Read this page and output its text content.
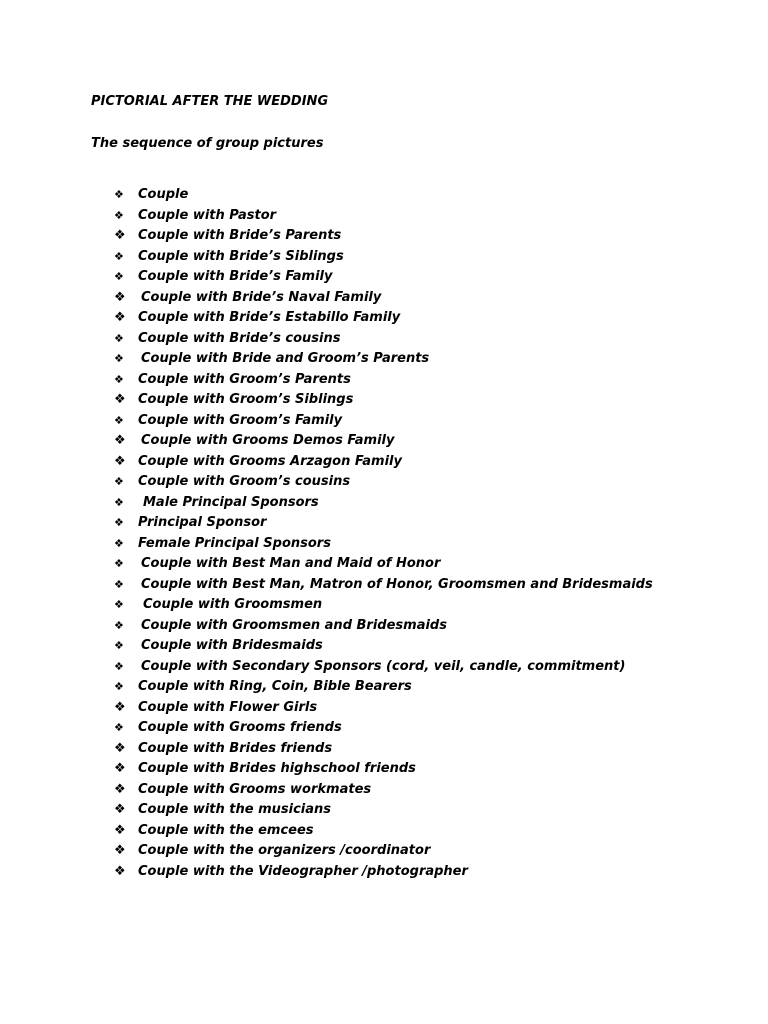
PICTORIAL AFTER THE WEDDING
The sequence of group pictures
❖	Couple
❖	Couple with Pastor
❖ Couple with Bride’s Parents
❖	Couple with Bride’s Siblings
❖	Couple with Bride’s Family
❖	Couple with Bride’s Naval Family
❖ Couple with Bride’s Estabillo Family
❖	Couple with Bride’s cousins
❖	Couple with Bride and Groom’s Parents
❖	Couple with Groom’s Parents
❖ Couple with Groom’s Siblings
❖	Couple with Groom’s Family
❖	Couple with Grooms Demos Family
❖ Couple with Grooms Arzagon Family
❖	Couple with Groom’s cousins
❖	Male Principal Sponsors
❖	Principal Sponsor
❖	Female Principal Sponsors
❖	Couple with Best Man and Maid of Honor
❖	Couple with Best Man, Matron of Honor, Groomsmen and Bridesmaids
❖	Couple with Groomsmen
❖	Couple with Groomsmen and Bridesmaids
❖	Couple with Bridesmaids
❖	Couple with Secondary Sponsors (cord, veil, candle, commitment)
❖	Couple with Ring, Coin, Bible Bearers
❖ Couple with Flower Girls
❖	Couple with Grooms friends
❖ Couple with Brides friends
❖ Couple with Brides highschool friends
❖ Couple with Grooms workmates
❖ Couple with the musicians
❖ Couple with the emcees
❖ Couple with the organizers /coordinator
❖ Couple with the Videographer /photographer
